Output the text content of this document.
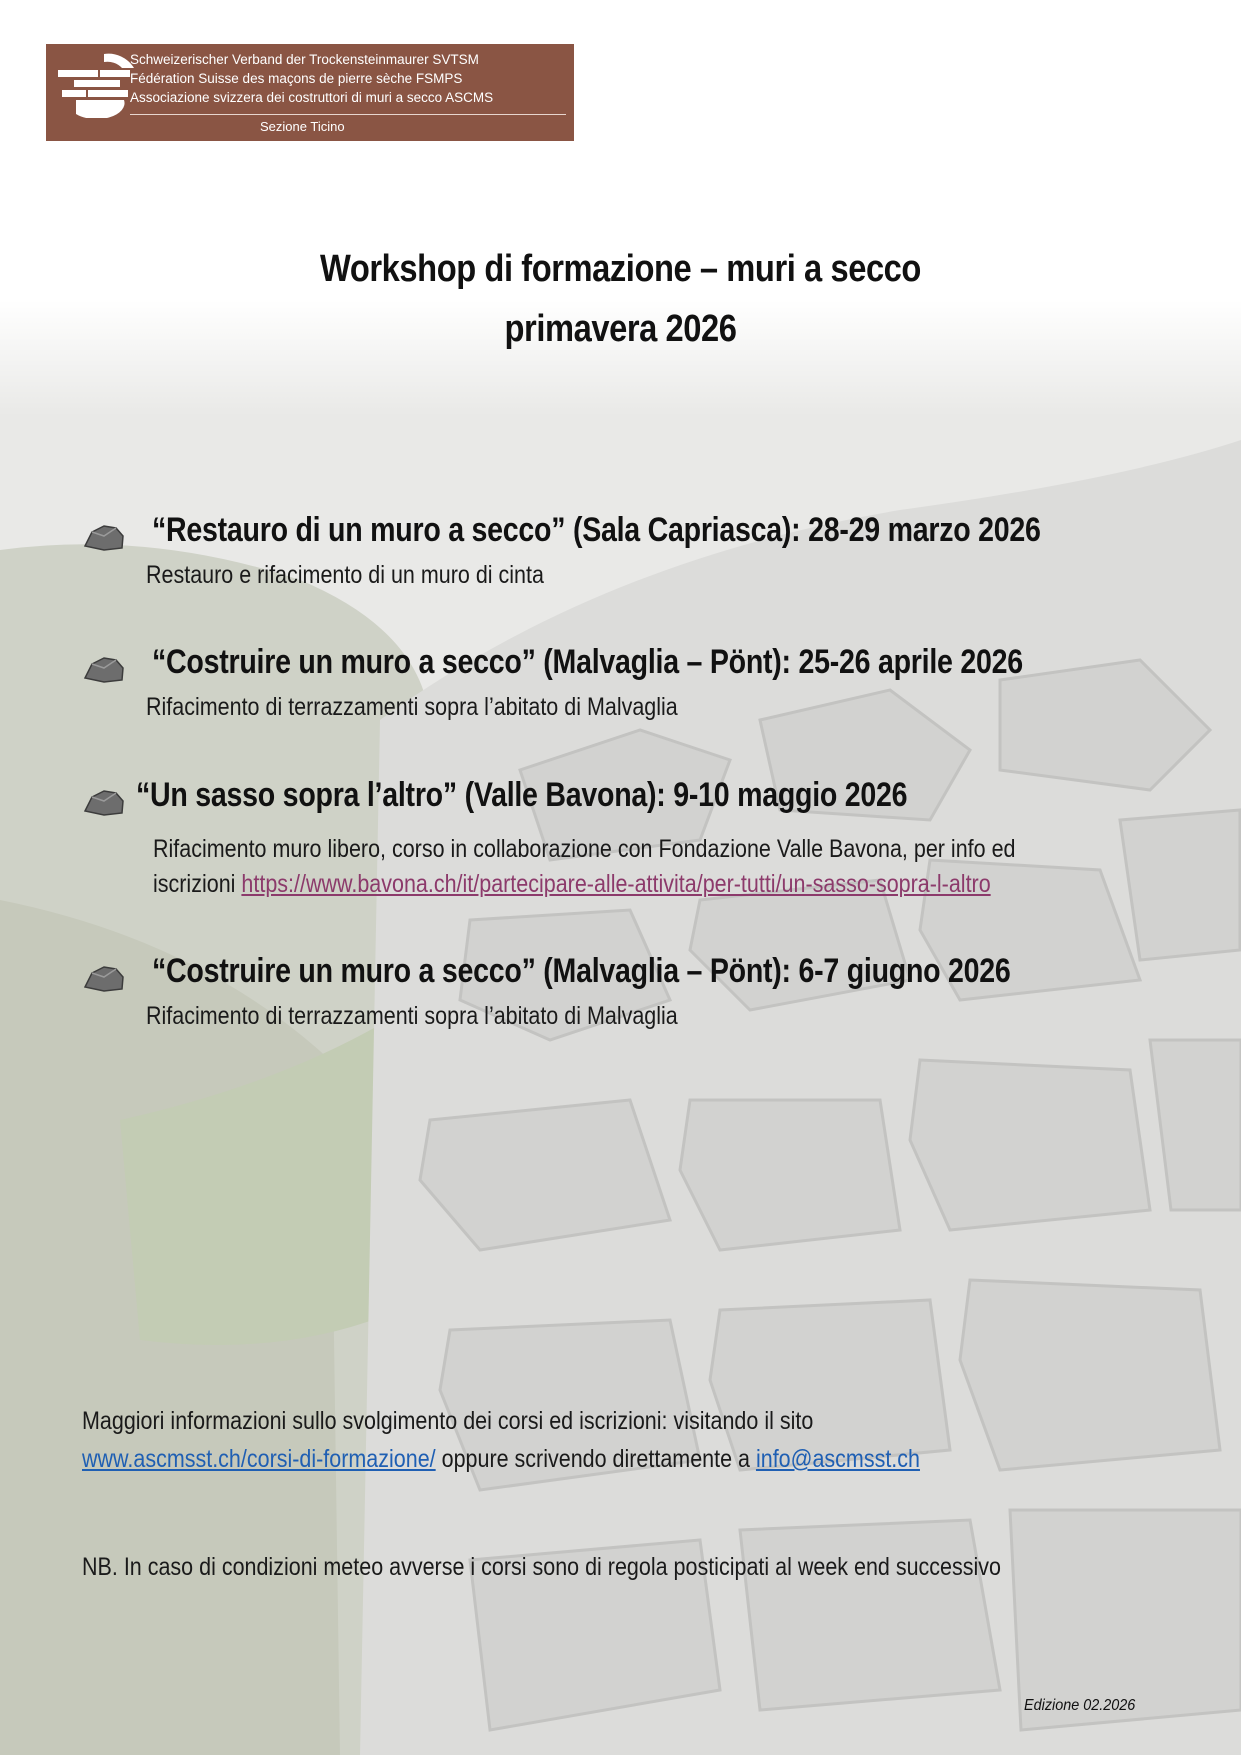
Schweizerischer Verband der Trockensteinmaurer SVTSM
Fédération Suisse des maçons de pierre sèche FSMPS
Associazione svizzera dei costruttori di muri a secco ASCMS
Sezione Ticino
Workshop di formazione – muri a secco
primavera 2026
“Restauro di un muro a secco” (Sala Capriasca): 28-29 marzo 2026
Restauro e rifacimento di un muro di cinta
“Costruire un muro a secco” (Malvaglia – Pönt): 25-26 aprile 2026
Rifacimento di terrazzamenti sopra l’abitato di Malvaglia
“Un sasso sopra l’altro” (Valle Bavona): 9-10 maggio 2026
Rifacimento muro libero, corso in collaborazione con Fondazione Valle Bavona, per info ed
iscrizioni https://www.bavona.ch/it/partecipare-alle-attivita/per-tutti/un-sasso-sopra-l-altro
“Costruire un muro a secco” (Malvaglia – Pönt): 6-7 giugno 2026
Rifacimento di terrazzamenti sopra l’abitato di Malvaglia
Maggiori informazioni sullo svolgimento dei corsi ed iscrizioni: visitando il sito
www.ascmsst.ch/corsi-di-formazione/ oppure scrivendo direttamente a info@ascmsst.ch
NB. In caso di condizioni meteo avverse i corsi sono di regola posticipati al week end successivo
Edizione 02.2026
